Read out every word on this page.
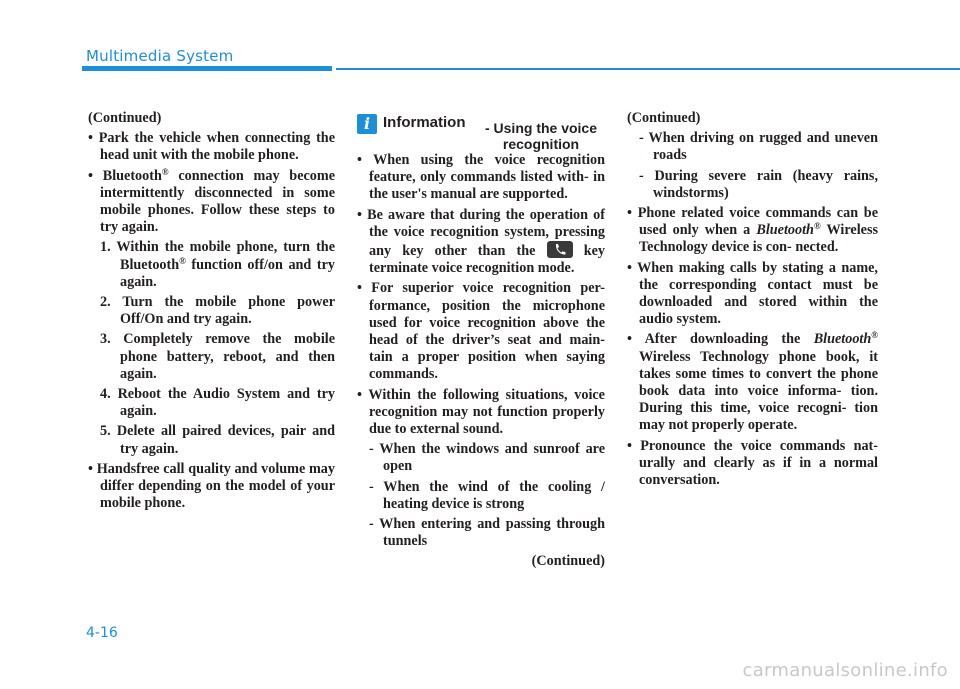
Multimedia System

(Continued)

• Park the vehicle when connecting the head unit with the mobile phone.

• Bluetooth® connection may become intermittently disconnected in some mobile phones. Follow these steps to try again.

1. Within the mobile phone, turn the Bluetooth® function off/on and try again.

2. Turn the mobile phone power Off/On and try again.

3. Completely remove the mobile phone battery, reboot, and then again.

4. Reboot the Audio System and try again.

5. Delete all paired devices, pair and try again.

• Handsfree call quality and volume may differ depending on the model of your mobile phone.

i Information	- Using the voice recognition

• When using the voice recognition feature, only commands listed with- in the user's manual are supported.

• Be aware that during the operation of the voice recognition system, pressing any key other than the
key terminate voice recognition mode.

• For superior voice recognition per- formance, position the microphone used for voice recognition above the head of the driver’s seat and main- tain a proper position when saying commands.

• Within the following situations, voice recognition may not function properly due to external sound.

- When the windows and sunroof are open

- When the wind of the cooling / heating device is strong

- When entering and passing through tunnels

(Continued)

(Continued)

- When driving on rugged and uneven roads

- During severe rain (heavy rains, windstorms)

• Phone related voice commands can be used only when a Bluetooth® Wireless Technology device is con- nected.

• When making calls by stating a name, the corresponding contact must be downloaded and stored within the audio system.

• After downloading the Bluetooth® Wireless Technology phone book, it takes some times to convert the phone book data into voice informa- tion. During this time, voice recogni- tion may not properly operate.

• Pronounce the voice commands nat- urally and clearly as if in a normal conversation.

4-16
carmanualsonline.info
